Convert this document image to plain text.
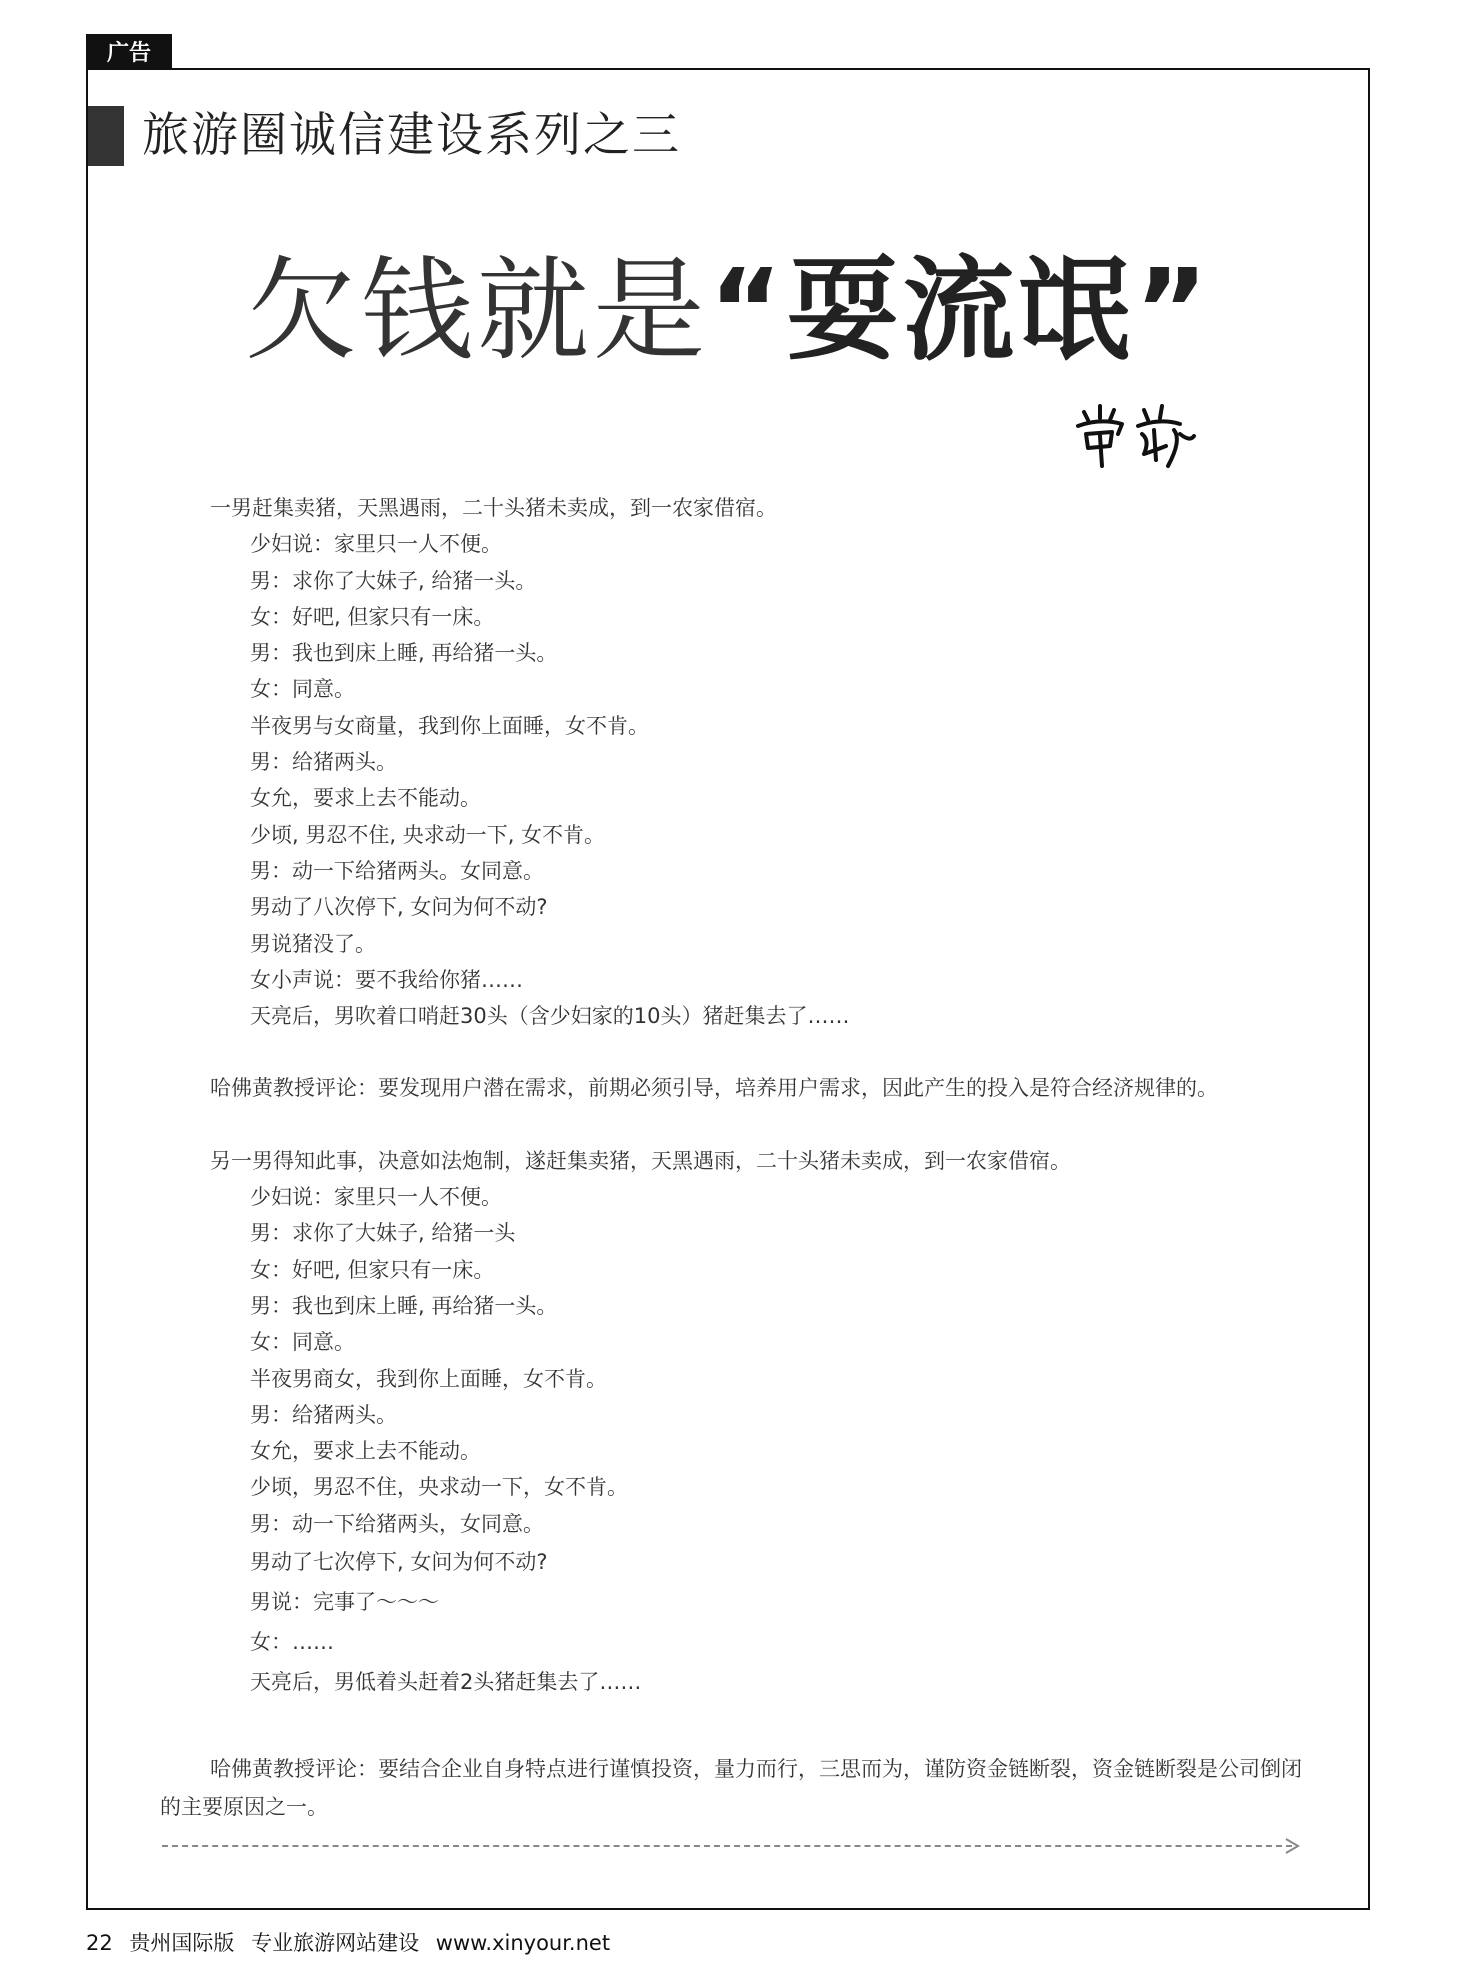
广告
旅游圈诚信建设系列之三
欠钱就是“耍流氓”

一男赶集卖猪，天黑遇雨，二十头猪未卖成，到一农家借宿。

少妇说：家里只一人不便。

男：求你了大妹子, 给猪一头。

女：好吧, 但家只有一床。

男：我也到床上睡, 再给猪一头。

女：同意。

半夜男与女商量，我到你上面睡，女不肯。

男：给猪两头。

女允，要求上去不能动。

少顷, 男忍不住, 央求动一下, 女不肯。

男：动一下给猪两头。女同意。

男动了八次停下, 女问为何不动?

男说猪没了。

女小声说：要不我给你猪……

天亮后，男吹着口哨赶30头（含少妇家的10头）猪赶集去了……

哈佛黄教授评论：要发现用户潜在需求，前期必须引导，培养用户需求，因此产生的投入是符合经济规律的。

另一男得知此事，决意如法炮制，遂赶集卖猪，天黑遇雨，二十头猪未卖成，到一农家借宿。

少妇说：家里只一人不便。

男：求你了大妹子, 给猪一头

女：好吧, 但家只有一床。

男：我也到床上睡, 再给猪一头。

女：同意。

半夜男商女，我到你上面睡，女不肯。

男：给猪两头。

女允，要求上去不能动。

少顷，男忍不住，央求动一下，女不肯。

男：动一下给猪两头，女同意。

男动了七次停下, 女问为何不动?

男说：完事了～～～

女：……

天亮后，男低着头赶着2头猪赶集去了……

哈佛黄教授评论：要结合企业自身特点进行谨慎投资，量力而行，三思而为，谨防资金链断裂，资金链断裂是公司倒闭的主要原因之一。

22 贵州国际版 专业旅游网站建设 www.xinyour.net
